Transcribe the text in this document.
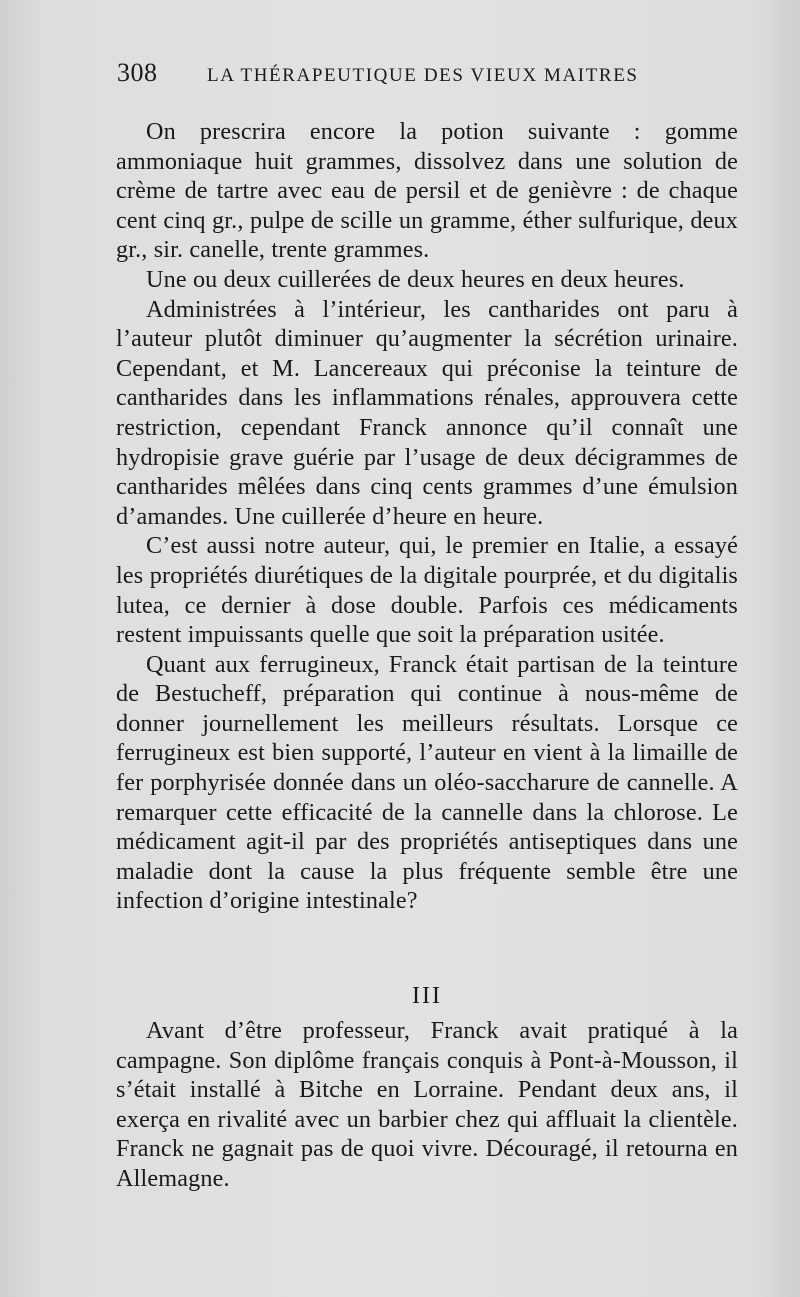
308	LA THÉRAPEUTIQUE DES VIEUX MAITRES

On prescrira encore la potion suivante : gomme ammoniaque huit grammes, dissolvez dans une solution de crème de tartre avec eau de persil et de genièvre : de chaque cent cinq gr., pulpe de scille un gramme, éther sulfurique, deux gr., sir. canelle, trente grammes.

Une ou deux cuillerées de deux heures en deux heures.

Administrées à l’intérieur, les cantharides ont paru à l’auteur plutôt diminuer qu’augmenter la sécrétion urinaire. Cependant, et M. Lancereaux qui préconise la teinture de cantharides dans les inflammations rénales, approuvera cette restriction, cependant Franck annonce qu’il connaît une hydropisie grave guérie par l’usage de deux décigrammes de cantharides mêlées dans cinq cents grammes d’une émulsion d’amandes. Une cuillerée d’heure en heure.

C’est aussi notre auteur, qui, le premier en Italie, a essayé les propriétés diurétiques de la digitale pourprée, et du digitalis lutea, ce dernier à dose double. Parfois ces médicaments restent impuissants quelle que soit la préparation usitée.

Quant aux ferrugineux, Franck était partisan de la teinture de Bestucheff, préparation qui continue à nous-même de donner journellement les meilleurs résultats. Lorsque ce ferrugineux est bien supporté, l’auteur en vient à la limaille de fer porphyrisée donnée dans un oléo-saccharure de cannelle. A remarquer cette efficacité de la cannelle dans la chlorose. Le médicament agit-il par des propriétés antiseptiques dans une maladie dont la cause la plus fréquente semble être une infection d’origine intestinale?

III

Avant d’être professeur, Franck avait pratiqué à la campagne. Son diplôme français conquis à Pont-à-Mousson, il s’était installé à Bitche en Lorraine. Pendant deux ans, il exerça en rivalité avec un barbier chez qui affluait la clientèle. Franck ne gagnait pas de quoi vivre. Découragé, il retourna en Allemagne.
